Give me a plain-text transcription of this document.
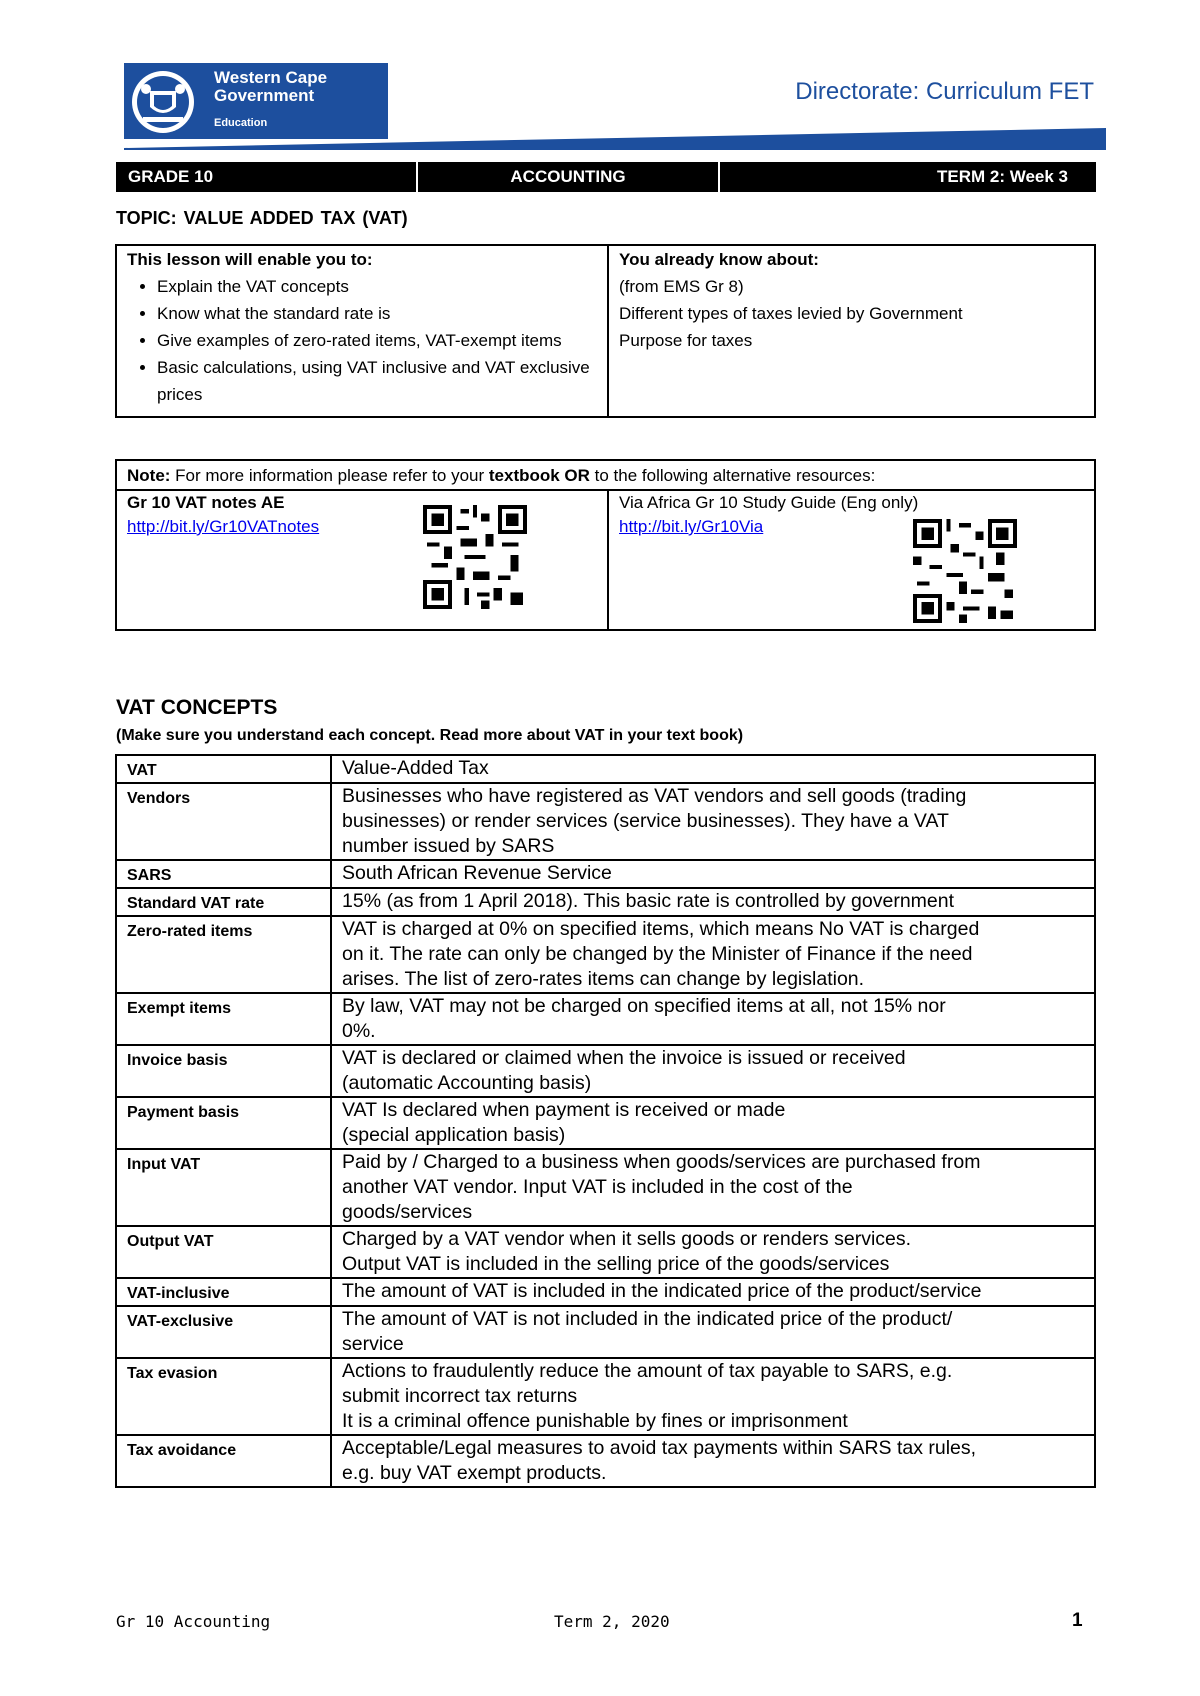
Western Cape
Government
Education
Directorate: Curriculum FET
GRADE 10	ACCOUNTING	TERM 2: Week 3
TOPIC: VALUE ADDED TAX (VAT)
This lesson will enable you to:
• Explain the VAT concepts
• Know what the standard rate is
• Give examples of zero-rated items, VAT-exempt items
• Basic calculations, using VAT inclusive and VAT exclusive prices

You already know about:
(from EMS Gr 8)
Different types of taxes levied by Government
Purpose for taxes
Note: For more information please refer to your textbook OR to the following alternative resources:

Gr 10 VAT notes AE
http://bit.ly/Gr10VATnotes

Via Africa Gr 10 Study Guide (Eng only)
http://bit.ly/Gr10Via
VAT CONCEPTS
(Make sure you understand each concept. Read more about VAT in your text book)
VAT	Value-Added Tax

Vendors	Businesses who have registered as VAT vendors and sell goods (trading
businesses) or render services (service businesses). They have a VAT
number issued by SARS

SARS	South African Revenue Service

Standard VAT rate	15% (as from 1 April 2018). This basic rate is controlled by government

Zero-rated items	VAT is charged at 0% on specified items, which means No VAT is charged
on it. The rate can only be changed by the Minister of Finance if the need
arises. The list of zero-rates items can change by legislation.

Exempt items	By law, VAT may not be charged on specified items at all, not 15% nor
0%.

Invoice basis	VAT is declared or claimed when the invoice is issued or received
(automatic Accounting basis)

Payment basis	VAT Is declared when payment is received or made
(special application basis)

Input VAT	Paid by / Charged to a business when goods/services are purchased from
another VAT vendor. Input VAT is included in the cost of the
goods/services

Output VAT	Charged by a VAT vendor when it sells goods or renders services.
Output VAT is included in the selling price of the goods/services

VAT-inclusive	The amount of VAT is included in the indicated price of the product/service

VAT-exclusive	The amount of VAT is not included in the indicated price of the product/
service

Tax evasion	Actions to fraudulently reduce the amount of tax payable to SARS, e.g.
submit incorrect tax returns
It is a criminal offence punishable by fines or imprisonment

Tax avoidance	Acceptable/Legal measures to avoid tax payments within SARS tax rules,
e.g. buy VAT exempt products.
Gr 10 Accounting	Term 2, 2020	1
